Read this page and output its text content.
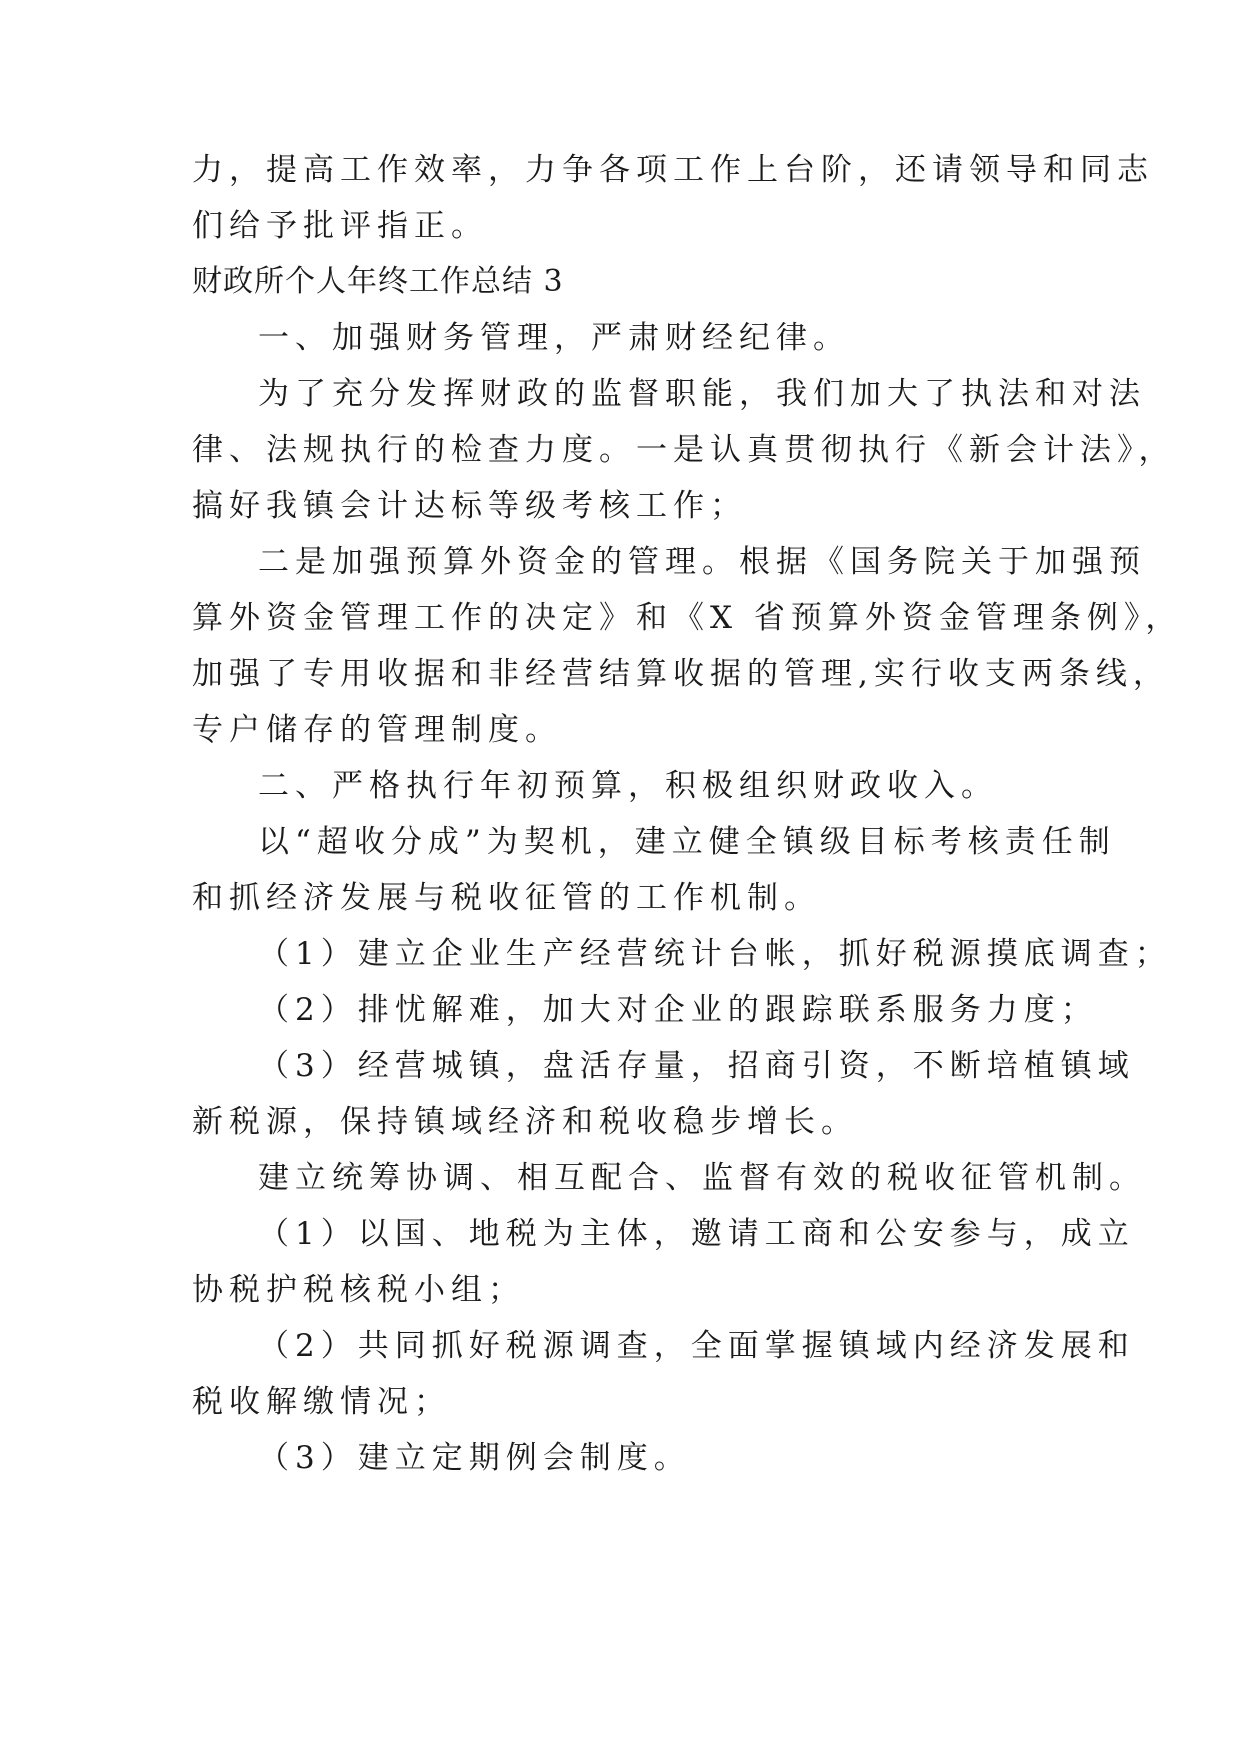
力，提高工作效率，力争各项工作上台阶，还请领导和同志
们给予批评指正。
财政所个人年终工作总结 3
一、加强财务管理，严肃财经纪律。
为了充分发挥财政的监督职能，我们加大了执法和对法
律、法规执行的检查力度。一是认真贯彻执行《新会计法》，
搞好我镇会计达标等级考核工作；
二是加强预算外资金的管理。根据《国务院关于加强预
算外资金管理工作的决定》和《X 省预算外资金管理条例》，
加强了专用收据和非经营结算收据的管理,实行收支两条线，
专户储存的管理制度。
二、严格执行年初预算，积极组织财政收入。
以“超收分成”为契机，建立健全镇级目标考核责任制
和抓经济发展与税收征管的工作机制。
（1）建立企业生产经营统计台帐，抓好税源摸底调查；
（2）排忧解难，加大对企业的跟踪联系服务力度；
（3）经营城镇，盘活存量，招商引资，不断培植镇域
新税源，保持镇域经济和税收稳步增长。
建立统筹协调、相互配合、监督有效的税收征管机制。
（1）以国、地税为主体，邀请工商和公安参与，成立
协税护税核税小组；
（2）共同抓好税源调查，全面掌握镇域内经济发展和
税收解缴情况；
（3）建立定期例会制度。
